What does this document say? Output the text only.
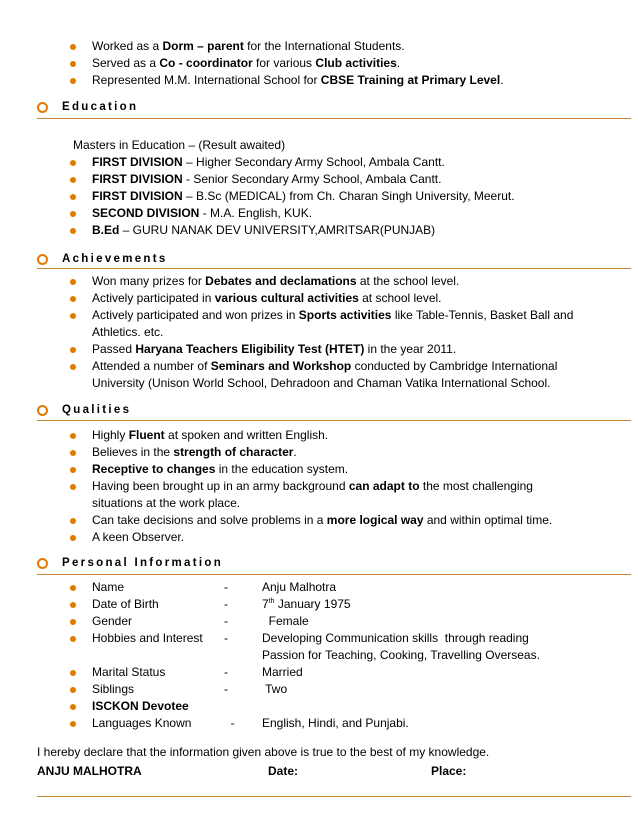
Worked as a Dorm – parent for the International Students.
Served as a Co - coordinator for various Club activities.
Represented M.M. International School for CBSE Training at Primary Level.
Education
Masters in Education – (Result awaited)
FIRST DIVISION – Higher Secondary Army School, Ambala Cantt.
FIRST DIVISION - Senior Secondary Army School, Ambala Cantt.
FIRST DIVISION – B.Sc (MEDICAL) from Ch. Charan Singh University, Meerut.
SECOND DIVISION - M.A. English, KUK.
B.Ed – GURU NANAK DEV UNIVERSITY,AMRITSAR(PUNJAB)
Achievements
Won many prizes for Debates and declamations at the school level.
Actively participated in various cultural activities at school level.
Actively participated and won prizes in Sports activities like Table-Tennis, Basket Ball and Athletics. etc.
Passed Haryana Teachers Eligibility Test (HTET) in the year 2011.
Attended a number of Seminars and Workshop conducted by Cambridge International University (Unison World School, Dehradoon and Chaman Vatika International School.
Qualities
Highly Fluent at spoken and written English.
Believes in the strength of character.
Receptive to changes in the education system.
Having been brought up in an army background can adapt to the most challenging situations at the work place.
Can take decisions and solve problems in a more logical way and within optimal time.
A keen Observer.
Personal Information
Name	-	Anju Malhotra
Date of Birth	-	7th January 1975
Gender	-	Female
Hobbies and Interest	-	Developing Communication skills  through reading
Passion for Teaching, Cooking, Travelling Overseas.
Marital Status	-	Married
Siblings	-	Two
ISCKON Devotee
Languages Known	-	English, Hindi, and Punjabi.
I hereby declare that the information given above is true to the best of my knowledge.
ANJU MALHOTRA	Date:	Place:
